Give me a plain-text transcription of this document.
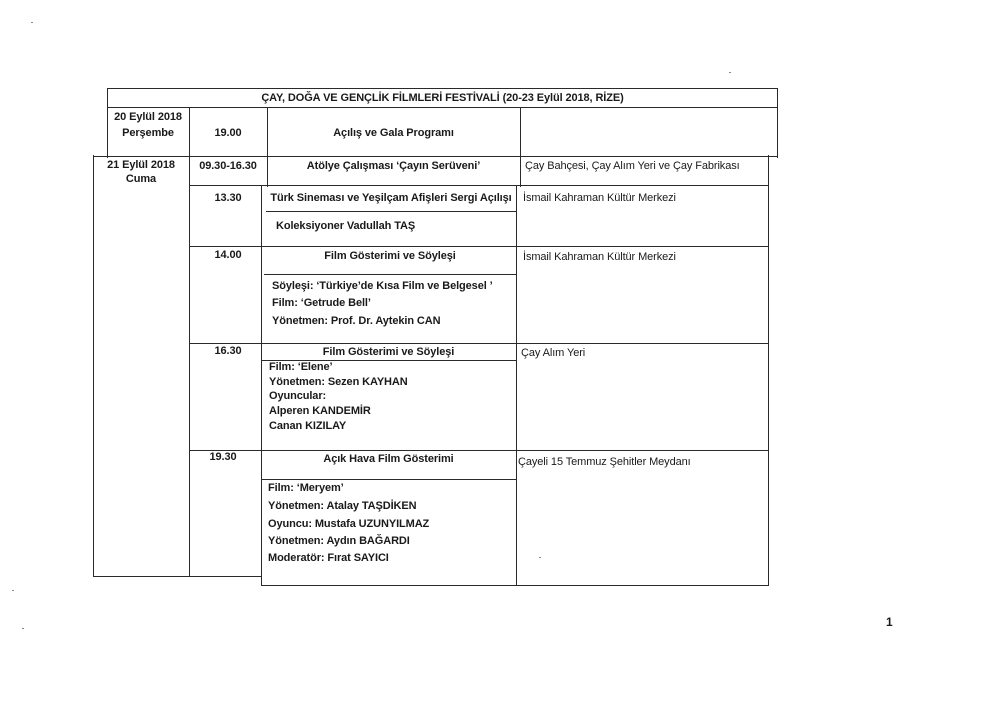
ÇAY, DOĞA VE GENÇLİK FİLMLERİ FESTİVALİ (20-23 Eylül 2018, RİZE)
20 Eylül 2018
Perşembe	19.00	Açılış ve Gala Programı
21 Eylül 2018
Cuma
09.30-16.30	Atölye Çalışması ‘Çayın Serüveni’	Çay Bahçesi, Çay Alım Yeri ve Çay Fabrikası
13.30	Türk Sineması ve Yeşilçam Afişleri Sergi Açılışı
Koleksiyoner Vadullah TAŞ
İsmail Kahraman Kültür Merkezi
14.00	Film Gösterimi ve Söyleşi
Söyleşi: ‘Türkiye’de Kısa Film ve Belgesel ’
Film: ‘Getrude Bell’
Yönetmen: Prof. Dr. Aytekin CAN
İsmail Kahraman Kültür Merkezi
16.30	Film Gösterimi ve Söyleşi
Film: ‘Elene’
Yönetmen: Sezen KAYHAN
Oyuncular:
Alperen KANDEMİR
Canan KIZILAY
Çay Alım Yeri
19.30	Açık Hava Film Gösterimi
Film: ‘Meryem’
Yönetmen: Atalay TAŞDİKEN
Oyuncu: Mustafa UZUNYILMAZ
Yönetmen: Aydın BAĞARDI
Moderatör: Fırat SAYICI
Çayeli 15 Temmuz Şehitler Meydanı
1
